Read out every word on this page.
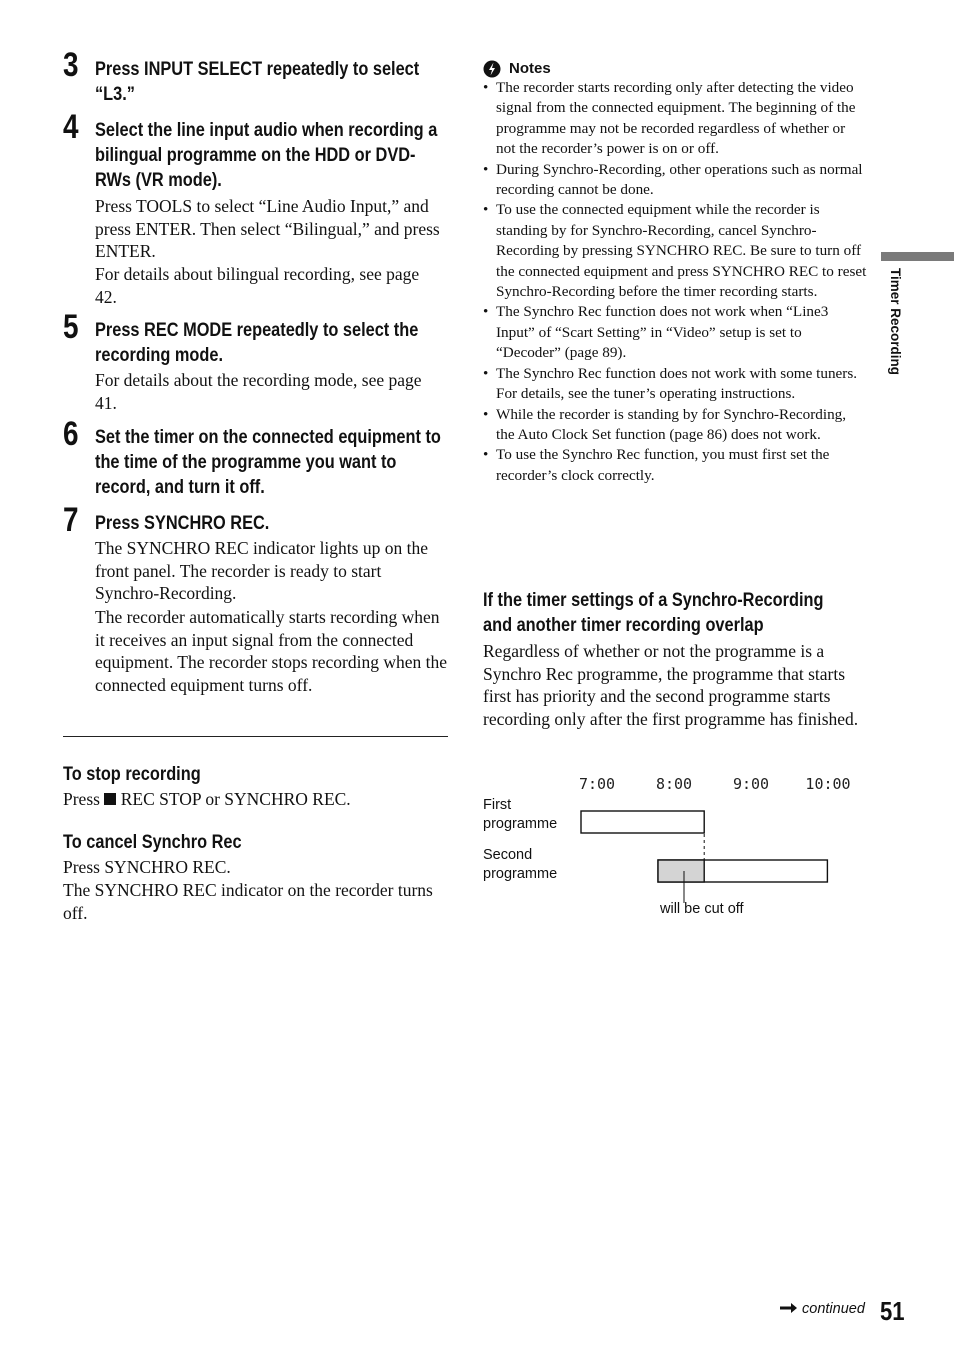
3 Press INPUT SELECT repeatedly to select “L3.”
4 Select the line input audio when recording a bilingual programme on the HDD or DVD-RWs (VR mode).
Press TOOLS to select “Line Audio Input,” and press ENTER. Then select “Bilingual,” and press ENTER.
For details about bilingual recording, see page 42.
5 Press REC MODE repeatedly to select the recording mode.
For details about the recording mode, see page 41.
6 Set the timer on the connected equipment to the time of the programme you want to record, and turn it off.
7 Press SYNCHRO REC.
The SYNCHRO REC indicator lights up on the front panel. The recorder is ready to start Synchro-Recording.
The recorder automatically starts recording when it receives an input signal from the connected equipment. The recorder stops recording when the connected equipment turns off.
To stop recording
Press REC STOP or SYNCHRO REC.
To cancel Synchro Rec
Press SYNCHRO REC.
The SYNCHRO REC indicator on the recorder turns off.
Notes
• The recorder starts recording only after detecting the video signal from the connected equipment. The beginning of the programme may not be recorded regardless of whether or not the recorder’s power is on or off.
• During Synchro-Recording, other operations such as normal recording cannot be done.
• To use the connected equipment while the recorder is standing by for Synchro-Recording, cancel Synchro-Recording by pressing SYNCHRO REC. Be sure to turn off the connected equipment and press SYNCHRO REC to reset Synchro-Recording before the timer recording starts.
• The Synchro Rec function does not work when “Line3 Input” of “Scart Setting” in “Video” setup is set to “Decoder” (page 89).
• The Synchro Rec function does not work with some tuners. For details, see the tuner’s operating instructions.
• While the recorder is standing by for Synchro-Recording, the Auto Clock Set function (page 86) does not work.
• To use the Synchro Rec function, you must first set the recorder’s clock correctly.
If the timer settings of a Synchro-Recording
and another timer recording overlap
Regardless of whether or not the programme is a Synchro Rec programme, the programme that starts first has priority and the second programme starts recording only after the first programme has finished.
First
programme
Second
programme
will be cut off
7:00	8:00	9:00 10:00
Timer Recording
continued 51
